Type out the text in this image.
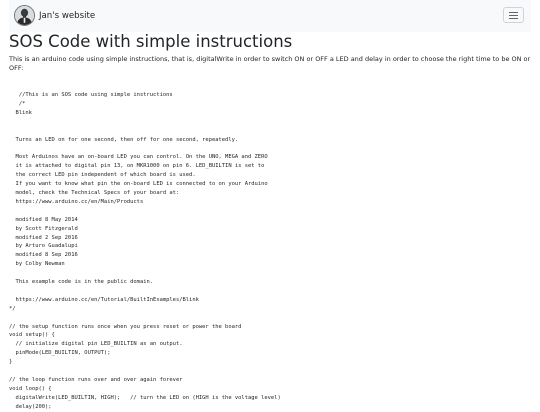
Jan's website
SOS Code with simple instructions

This is an arduino code using simple instructions, that is, digitalWrite in order to switch ON or OFF a LED and delay in order to choose the right time to be ON or OFF:

//This is an SOS code using simple instructions
/*
Blink

Turns an LED on for one second, then off for one second, repeatedly.

Most Arduinos have an on-board LED you can control. On the UNO, MEGA and ZERO
it is attached to digital pin 13, on MKR1000 on pin 6. LED_BUILTIN is set to
the correct LED pin independent of which board is used.
If you want to know what pin the on-board LED is connected to on your Arduino
model, check the Technical Specs of your board at:
https://www.arduino.cc/en/Main/Products

modified 8 May 2014
by Scott Fitzgerald
modified 2 Sep 2016
by Arturo Guadalupi
modified 8 Sep 2016
by Colby Newman

This example code is in the public domain.

https://www.arduino.cc/en/Tutorial/BuiltInExamples/Blink
*/

// the setup function runs once when you press reset or power the board
void setup() {
// initialize digital pin LED_BUILTIN as an output.
pinMode(LED_BUILTIN, OUTPUT);
}

// the loop function runs over and over again forever
void loop() {
digitalWrite(LED_BUILTIN, HIGH);   // turn the LED on (HIGH is the voltage level)
delay(200);
